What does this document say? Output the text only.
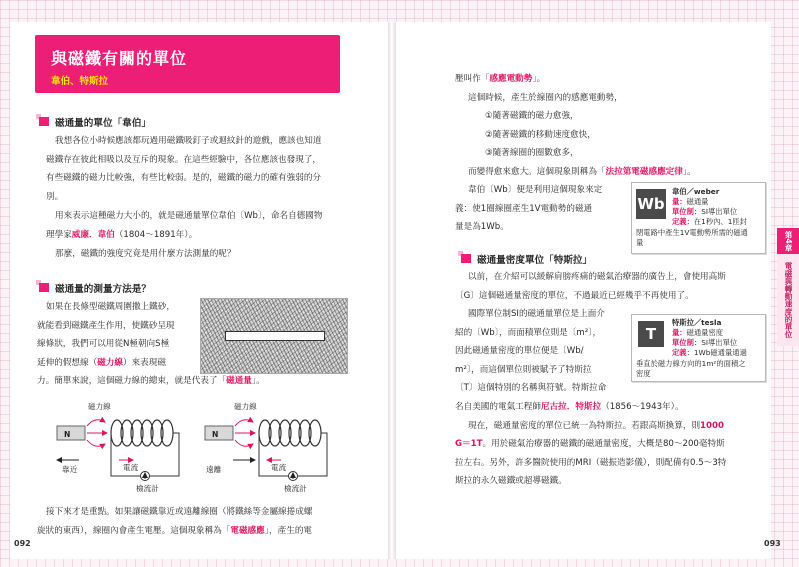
與磁鐵有關的單位
韋伯、特斯拉
磁通量的單位「韋伯」

我想各位小時候應該都玩過用磁鐵吸釘子或迴紋針的遊戲，應該也知道
磁鐵存在彼此相吸以及互斥的現象。在這些經驗中，各位應該也發現了，
有些磁鐵的磁力比較強，有些比較弱。是的，磁鐵的磁力的確有強弱的分
別。

用來表示這種磁力大小的，就是磁通量單位韋伯〔Wb〕，命名自德國物
理學家威廉．韋伯（1804～1891年）。

那麼，磁鐵的強度究竟是用什麼方法測量的呢？

磁通量的測量方法是？

如果在長條型磁鐵周圍撒上鐵砂，
就能看到磁鐵產生作用，使鐵砂呈現
線條狀，我們可以用從N極朝向S極
延伸的假想線（磁力線）來表現磁

力。簡單來說，這個磁力線的總束，就是代表了「磁通量」。

磁力線
N
靠近	電流
檢流計
磁力線
N
遠離	電流
檢流計

接下來才是重點。如果讓磁鐵靠近或遠離線圈（將鐵絲等金屬線捲成螺
旋狀的東西），線圈內會產生電壓。這個現象稱為「電磁感應」，產生的電

092

壓叫作「感應電動勢」。
這個時候，產生於線圈內的感應電動勢，
①隨著磁鐵的磁力愈強，
②隨著磁鐵的移動速度愈快，
③隨著線圈的圈數愈多，
而變得愈來愈大。這個現象則稱為「法拉第電磁感應定律」。

韋伯〔Wb〕便是利用這個現象來定
義：使1圈線圈產生1V電動勢的磁通
量是為1Wb。

Wb
韋伯／weber
量：磁通量
單位制：SI導出單位
定義：在1秒內、1匝封
閉電路中產生1V電動勢所需的磁通
量
磁通量密度單位「特斯拉」

以前，在介紹可以緩解肩膀疼痛的磁氣治療器的廣告上，會使用高斯

〔G〕這個磁通量密度的單位，不過最近已經幾乎不再使用了。

國際單位制SI的磁通量單位是上面介
紹的〔Wb〕，而面積單位則是〔m²〕，
因此磁通量密度的單位便是〔Wb/
m²〕，而這個單位則被賦予了特斯拉
〔T〕這個特別的名稱與符號。特斯拉命

T
特斯拉／tesla
量：磁通量密度
單位制：SI導出單位
定義：1Wb磁通量通過
垂直於磁力線方向的1m²的面積之
密度

名自美國的電氣工程師尼古拉．特斯拉（1856～1943年）。
現在，磁通量密度的單位已統一為特斯拉。若跟高斯換算，則1000
G＝1T。用於磁氣治療器的磁鐵的磁通量密度，大概是80～200毫特斯
拉左右。另外，許多醫院使用的MRI（磁振造影儀），則配備有0.5～3特
斯拉的永久磁鐵或超導磁鐵。

093
第4章
電磁與轉動速度的單位
